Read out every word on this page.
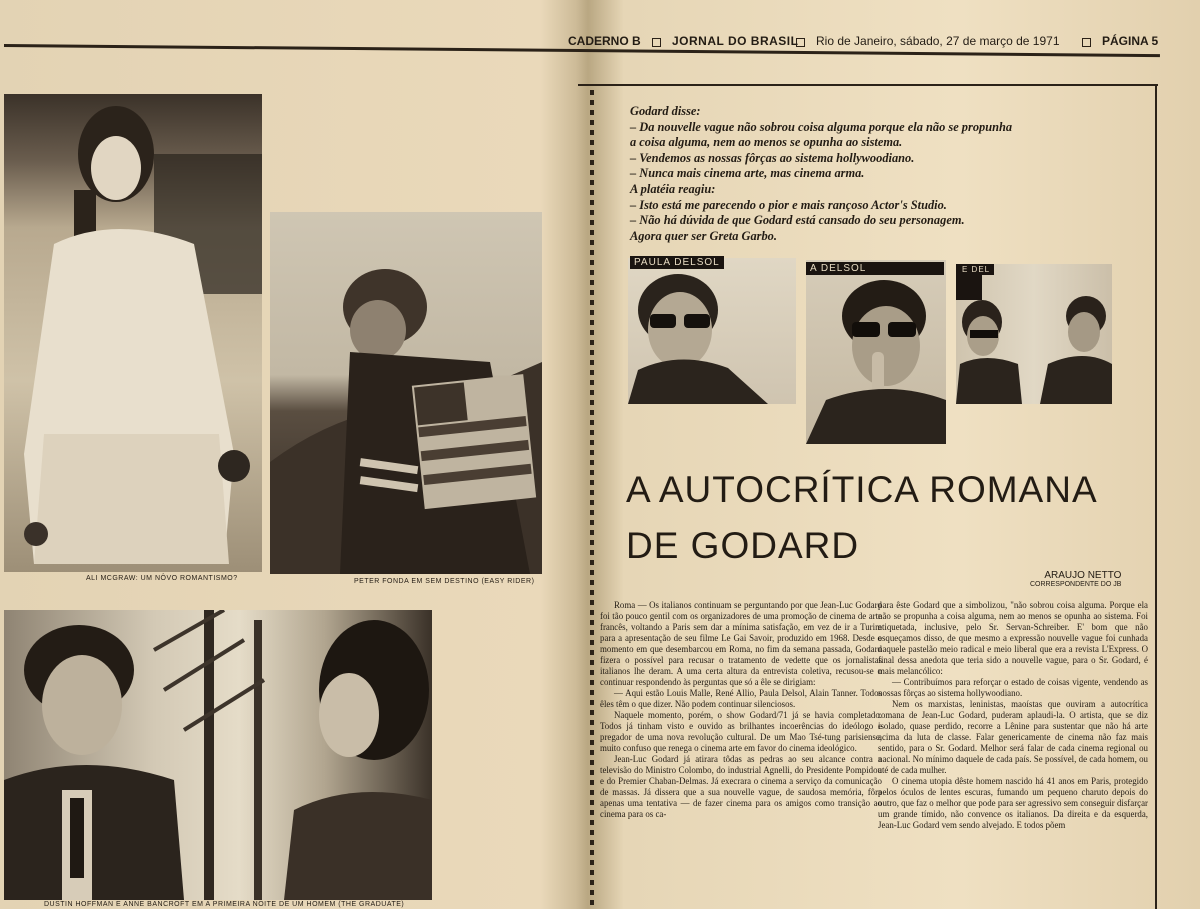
CADERNO B	JORNAL DO BRASIL Rio de Janeiro, sábado, 27 de março de 1971	PÁGINA 5
ALI MCGRAW: UM NÔVO ROMANTISMO?	PETER FONDA EM SEM DESTINO (EASY RIDER)
DUSTIN HOFFMAN E ANNE BANCROFT EM A PRIMEIRA NOITE DE UM HOMEM (THE GRADUATE)
Godard disse:
– Da nouvelle vague não sobrou coisa alguma porque ela não se propunha
a coisa alguma, nem ao menos se opunha ao sistema.
– Vendemos as nossas fôrças ao sistema hollywoodiano.
– Nunca mais cinema arte, mas cinema arma.
A platéia reagiu:
– Isto está me parecendo o pior e mais rançoso Actor's Studio.
– Não há dúvida de que Godard está cansado do seu personagem.
Agora quer ser Greta Garbo.
PAULA DELSOL
A DELSOL	E DEL
A AUTOCRÍTICA ROMANA
DE GODARD
ARAUJO NETTO
CORRESPONDENTE DO JB

Roma — Os italianos continuam se perguntando por que Jean-Luc Godard foi tão pouco gentil com os organizadores de uma promoção de cinema de arte francês, voltando a Paris sem dar a mínima satisfação, em vez de ir a Turim para a apresentação de seu filme Le Gai Savoir, produzido em 1968. Desde o momento em que desembarcou em Roma, no fim da semana passada, Godard fizera o possível para recusar o tratamento de vedette que os jornalistas italianos lhe deram. A uma certa altura da entrevista coletiva, recusou-se o continuar respondendo às perguntas que só a êle se dirigiam:

— Aqui estão Louis Malle, René Allio, Paula Delsol, Alain Tanner. Todos êles têm o que dizer. Não podem continuar silenciosos.

Naquele momento, porém, o show Godard/71 já se havia completado. Todos já tinham visto e ouvido as brilhantes incoerências do ideólogo e pregador de uma nova revolução cultural. De um Mao Tsé-tung parisiense, muito confuso que renega o cinema arte em favor do cinema ideológico.

Jean-Luc Godard já atirara tôdas as pedras ao seu alcance contra a televisão do Ministro Colombo, do industrial Agnelli, do Presidente Pompidou e do Premier Chaban-Delmas. Já execrara o cinema a serviço da comunicação de massas. Já dissera que a sua nouvelle vague, de saudosa memória, fôra apenas uma tentativa — de fazer cinema para os amigos como transição ao cinema para os ca-

para êste Godard que a simbolizou, "não sobrou coisa alguma. Porque ela não se propunha a coisa alguma, nem ao menos se opunha ao sistema. Foi etiquetada, inclusive, pelo Sr. Servan-Schreiber. E' bom que não esqueçamos disso, de que mesmo a expressão nouvelle vague foi cunhada naquele pastelão meio radical e meio liberal que era a revista L'Express. O final dessa anedota que teria sido a nouvelle vague, para o Sr. Godard, é mais melancólico:

— Contribuímos para reforçar o estado de coisas vigente, vendendo as nossas fôrças ao sistema hollywoodiano.

Nem os marxistas, leninistas, maoístas que ouviram a autocrítica romana de Jean-Luc Godard, puderam aplaudi-la. O artista, que se diz isolado, quase perdido, recorre a Lênine para sustentar que não há arte acima da luta de classe. Falar genericamente de cinema não faz mais sentido, para o Sr. Godard. Melhor será falar de cada cinema regional ou nacional. No mínimo daquele de cada país. Se possível, de cada homem, ou até de cada mulher.

O cinema utopia dêste homem nascido há 41 anos em Paris, protegido pelos óculos de lentes escuras, fumando um pequeno charuto depois do outro, que faz o melhor que pode para ser agressivo sem conseguir disfarçar um grande tímido, não convence os italianos. Da direita e da esquerda, Jean-Luc Godard vem sendo alvejado. E todos põem
